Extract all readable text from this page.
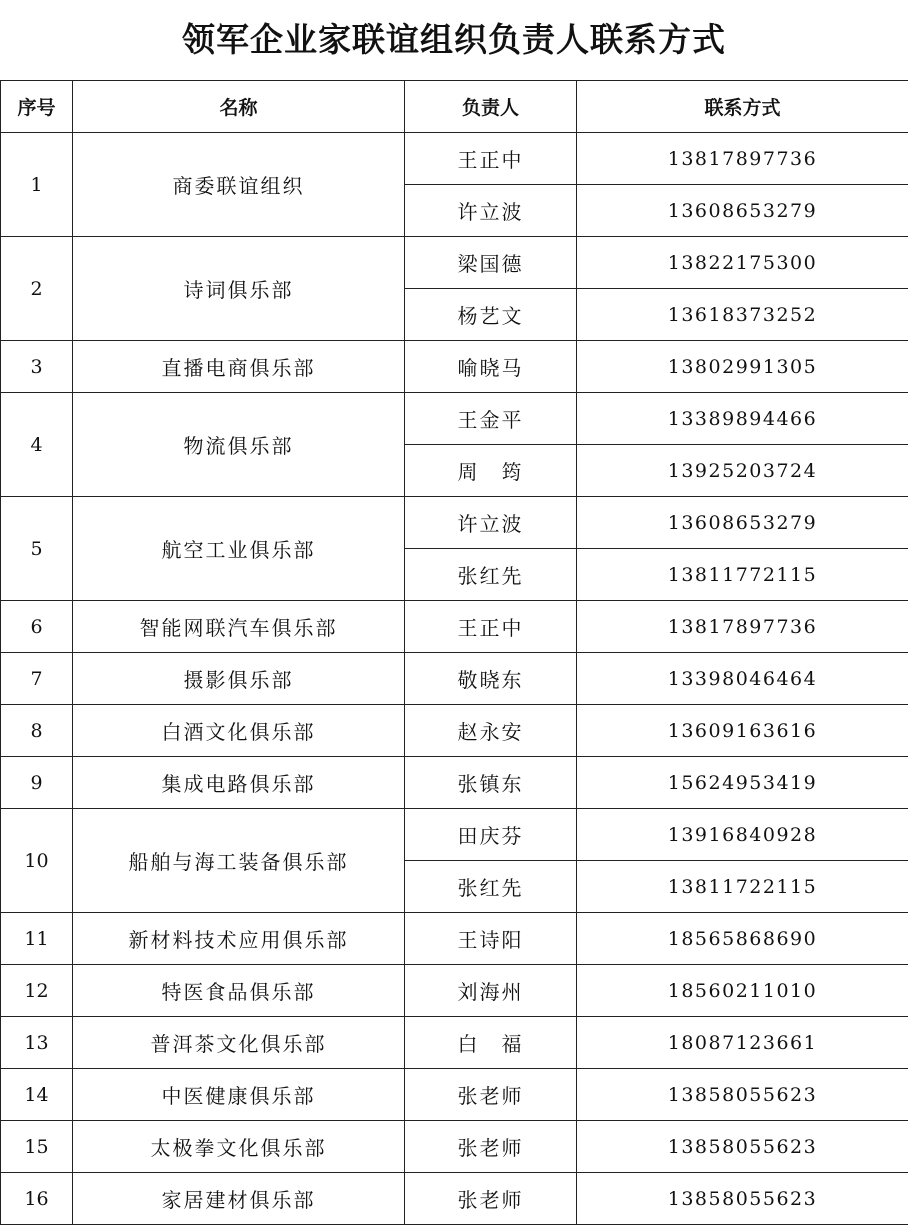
领军企业家联谊组织负责人联系方式
序号	名称	负责人	联系方式
1	商委联谊组织	王正中	13817897736
		许立波	13608653279
2	诗词俱乐部	梁国德	13822175300
		杨艺文	13618373252
3	直播电商俱乐部	喻晓马	13802991305
4	物流俱乐部	王金平	13389894466
		周　筠	13925203724
5	航空工业俱乐部	许立波	13608653279
		张红先	13811772115
6	智能网联汽车俱乐部	王正中	13817897736
7	摄影俱乐部	敬晓东	13398046464
8	白酒文化俱乐部	赵永安	13609163616
9	集成电路俱乐部	张镇东	15624953419
10	船舶与海工装备俱乐部	田庆芬	13916840928
		张红先	13811722115
11	新材料技术应用俱乐部	王诗阳	18565868690
12	特医食品俱乐部	刘海州	18560211010
13	普洱茶文化俱乐部	白　福	18087123661
14	中医健康俱乐部	张老师	13858055623
15	太极拳文化俱乐部	张老师	13858055623
16	家居建材俱乐部	张老师	13858055623
